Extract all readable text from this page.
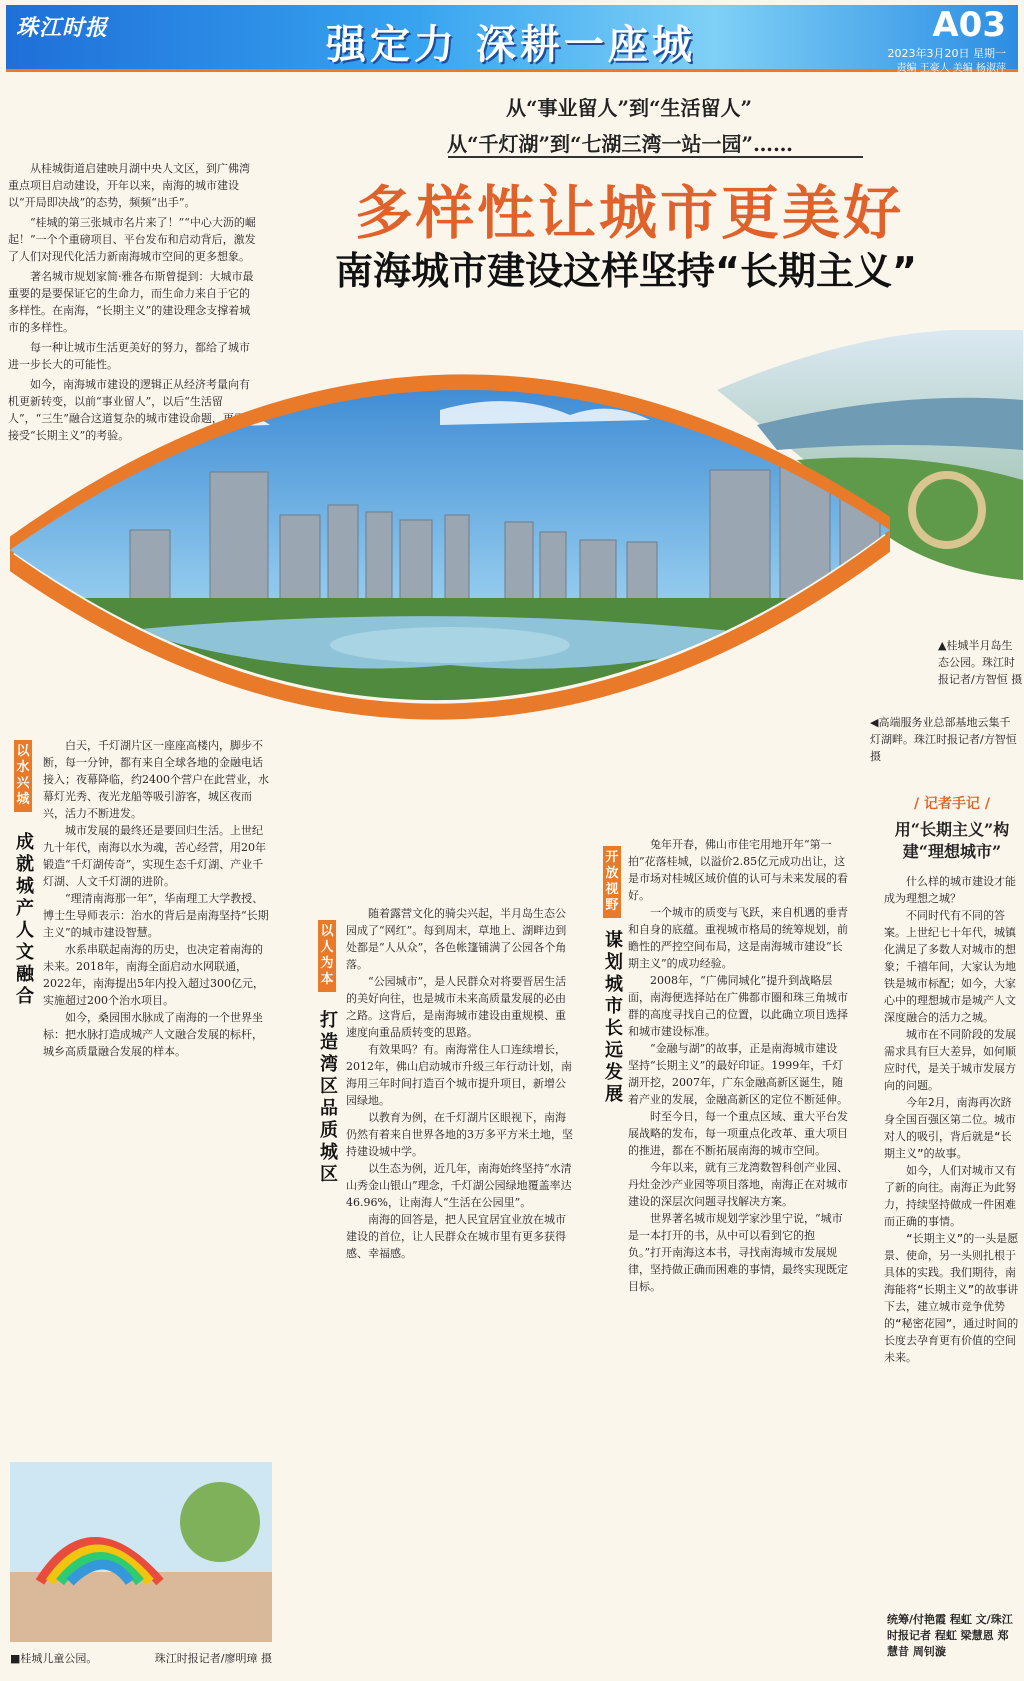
珠江时报	强定力 深耕一座城	A03
2023年3月20日 星期一
责编 王豪人 美编 杨淑萍
从“事业留人”到“生活留人”
从“千灯湖”到“七湖三湾一站一园”……
多样性让城市更美好
南海城市建设这样坚持“长期主义”

从桂城街道启建映月湖中央人文区，到广佛湾重点项目启动建设，开年以来，南海的城市建设以“开局即决战”的态势，频频“出手”。

“桂城的第三张城市名片来了！”“中心大沥的崛起！”一个个重磅项目、平台发布和启动背后，激发了人们对现代化活力新南海城市空间的更多想象。

著名城市规划家简·雅各布斯曾提到：大城市最重要的是要保证它的生命力，而生命力来自于它的多样性。在南海，“长期主义”的建设理念支撑着城市的多样性。

每一种让城市生活更美好的努力，都给了城市进一步长大的可能性。

如今，南海城市建设的逻辑正从经济考量向有机更新转变，以前“事业留人”，以后“生活留人”，“三生”融合这道复杂的城市建设命题，更需要接受“长期主义”的考验。

▲桂城半月岛生态公园。珠江时报记者/方智恒 摄
◀高端服务业总部基地云集千灯湖畔。珠江时报记者/方智恒 摄
以水兴城
成就城产人文融合

白天，千灯湖片区一座座高楼内，脚步不断，每一分钟，都有来自全球各地的金融电话接入；夜幕降临，约2400个营户在此营业，水幕灯光秀、夜光龙船等吸引游客，城区夜而兴，活力不断进发。

城市发展的最终还是要回归生活。上世纪九十年代，南海以水为魂，苦心经营，用20年锻造“千灯湖传奇”，实现生态千灯湖、产业千灯湖、人文千灯湖的进阶。

“理清南海那一年”，华南理工大学教授、博士生导师表示：治水的背后是南海坚持“长期主义”的城市建设智慧。

水系串联起南海的历史，也决定着南海的未来。2018年，南海全面启动水网联通，2022年，南海提出5年内投入超过300亿元，实施超过200个治水项目。

如今，桑园围水脉成了南海的一个世界坐标：把水脉打造成城产人文融合发展的标杆，城乡高质量融合发展的样本。

以人为本
打造湾区品质城区

随着露营文化的骑尖兴起，半月岛生态公园成了“网红”。每到周末，草地上、湖畔边到处都是“人从众”，各色帐篷铺满了公园各个角落。

“公园城市”，是人民群众对将要晋居生活的美好向往，也是城市未来高质量发展的必由之路。这背后，是南海城市建设由重规模、重速度向重品质转变的思路。

有效果吗？有。南海常住人口连续增长，2012年，佛山启动城市升级三年行动计划，南海用三年时间打造百个城市提升项目，新增公园绿地。

以教育为例，在千灯湖片区眼视下，南海仍然有着来自世界各地的3万多平方米土地，坚持建设城中学。

以生态为例，近几年，南海始终坚持“水清山秀金山银山”理念，千灯湖公园绿地覆盖率达46.96%，让南海人“生活在公园里”。

南海的回答是，把人民宜居宜业放在城市建设的首位，让人民群众在城市里有更多获得感、幸福感。

开放视野
谋划城市长远发展

兔年开春，佛山市佳宅用地开年“第一拍”花落桂城，以溢价2.85亿元成功出让，这是市场对桂城区域价值的认可与未来发展的看好。

一个城市的质变与飞跃，来自机遇的垂青和自身的底蕴。重视城市格局的统筹规划，前瞻性的严控空间布局，这是南海城市建设“长期主义”的成功经验。

2008年，“广佛同城化”提升到战略层面，南海便选择站在广佛都市圈和珠三角城市群的高度寻找自己的位置，以此确立项目选择和城市建设标准。

“金融与湖”的故事，正是南海城市建设坚持“长期主义”的最好印证。1999年，千灯湖开挖，2007年，广东金融高新区诞生，随着产业的发展，金融高新区的定位不断延伸。

时至今日，每一个重点区域、重大平台发展战略的发布，每一项重点化改革、重大项目的推进，都在不断拓展南海的城市空间。

今年以来，就有三龙湾数智科创产业园、丹灶金沙产业园等项目落地，南海正在对城市建设的深层次问题寻找解决方案。

世界著名城市规划学家沙里宁说，“城市是一本打开的书，从中可以看到它的抱负。”打开南海这本书，寻找南海城市发展规律，坚持做正确而困难的事情，最终实现既定目标。

/ 记者手记 /
用“长期主义”构建“理想城市”

什么样的城市建设才能成为理想之城？

不同时代有不同的答案。上世纪七十年代，城镇化满足了多数人对城市的想象；千禧年间，大家认为地铁是城市标配；如今，大家心中的理想城市是城产人文深度融合的活力之城。

城市在不同阶段的发展需求具有巨大差异，如何顺应时代，是关于城市发展方向的问题。

今年2月，南海再次跻身全国百强区第二位。城市对人的吸引，背后就是“长期主义”的故事。

如今，人们对城市又有了新的向往。南海正为此努力，持续坚持做成一件困难而正确的事情。

“长期主义”的一头是愿景、使命，另一头则扎根于具体的实践。我们期待，南海能将“长期主义”的故事讲下去，建立城市竞争优势的“秘密花园”，通过时间的长度去孕育更有价值的空间未来。

统筹/付艳霞 程虹 文/珠江时报记者 程虹 梁慧恩 郑慧昔 周钊漩
■桂城儿童公园。	珠江时报记者/廖明璋 摄
